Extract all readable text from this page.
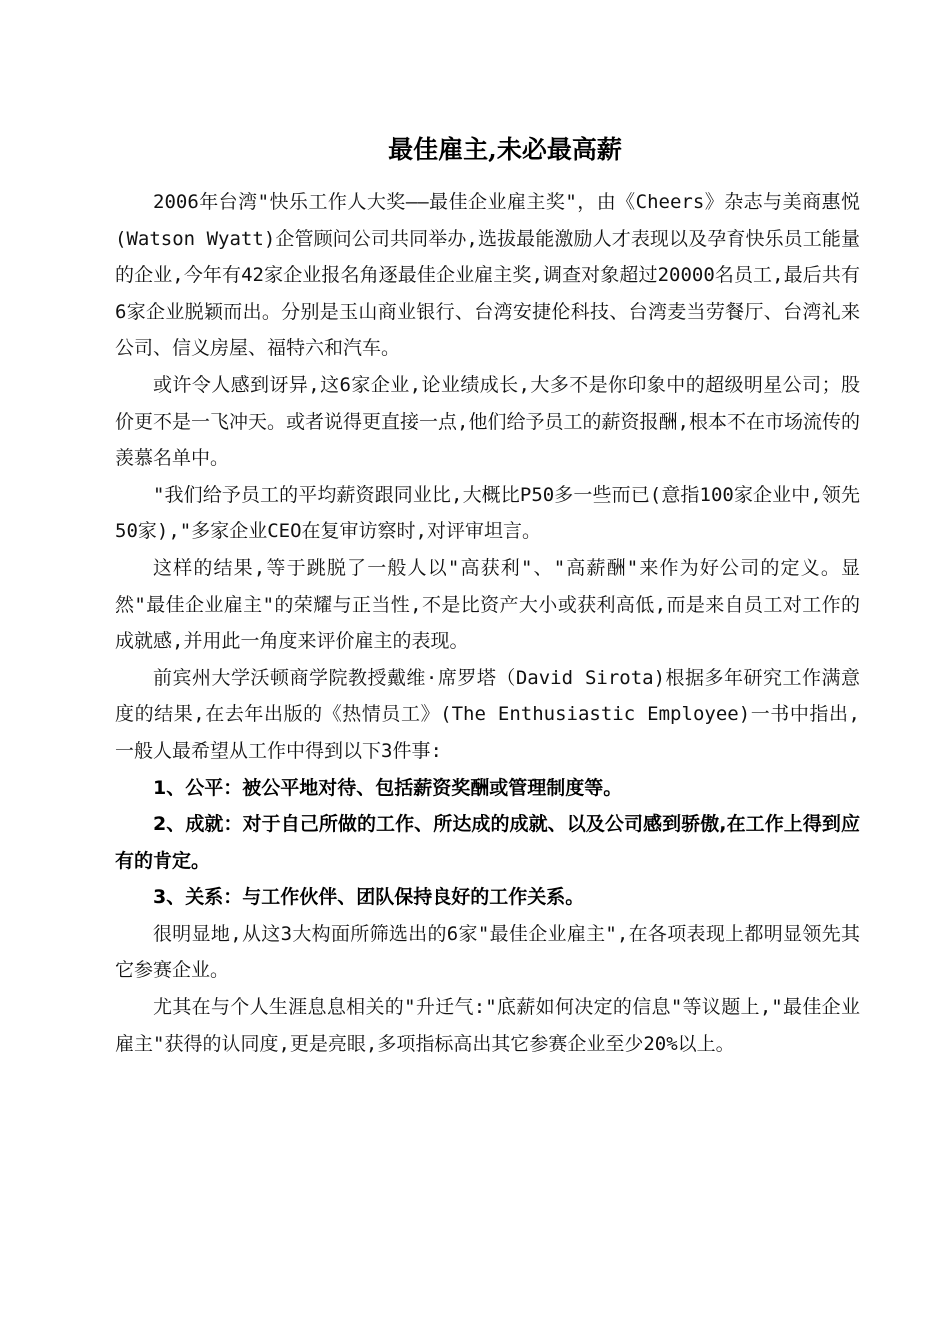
最佳雇主,未必最高薪

2006年台湾"快乐工作人大奖——最佳企业雇主奖"，由《Cheers》杂志与美商惠悦(Watson Wyatt)企管顾问公司共同举办,选拔最能激励人才表现以及孕育快乐员工能量的企业,今年有42家企业报名角逐最佳企业雇主奖,调查对象超过20000名员工,最后共有6家企业脱颖而出。分别是玉山商业银行、台湾安捷伦科技、台湾麦当劳餐厅、台湾礼来公司、信义房屋、福特六和汽车。

或许令人感到讶异,这6家企业,论业绩成长,大多不是你印象中的超级明星公司；股价更不是一飞冲天。或者说得更直接一点,他们给予员工的薪资报酬,根本不在市场流传的羡慕名单中。

"我们给予员工的平均薪资跟同业比,大概比P50多一些而已(意指100家企业中,领先50家),"多家企业CEO在复审访察时,对评审坦言。

这样的结果,等于跳脱了一般人以"高获利"、"高薪酬"来作为好公司的定义。显然"最佳企业雇主"的荣耀与正当性,不是比资产大小或获利高低,而是来自员工对工作的成就感,并用此一角度来评价雇主的表现。

前宾州大学沃顿商学院教授戴维·席罗塔（David Sirota)根据多年研究工作满意度的结果,在去年出版的《热情员工》(The Enthusiastic Employee)一书中指出,一般人最希望从工作中得到以下3件事:

1、公平：被公平地对待、包括薪资奖酬或管理制度等。

2、成就：对于自己所做的工作、所达成的成就、以及公司感到骄傲,在工作上得到应有的肯定。

3、关系：与工作伙伴、团队保持良好的工作关系。

很明显地,从这3大构面所筛选出的6家"最佳企业雇主",在各项表现上都明显领先其它参赛企业。

尤其在与个人生涯息息相关的"升迁气:"底薪如何决定的信息"等议题上,"最佳企业雇主"获得的认同度,更是亮眼,多项指标高出其它参赛企业至少20%以上。
